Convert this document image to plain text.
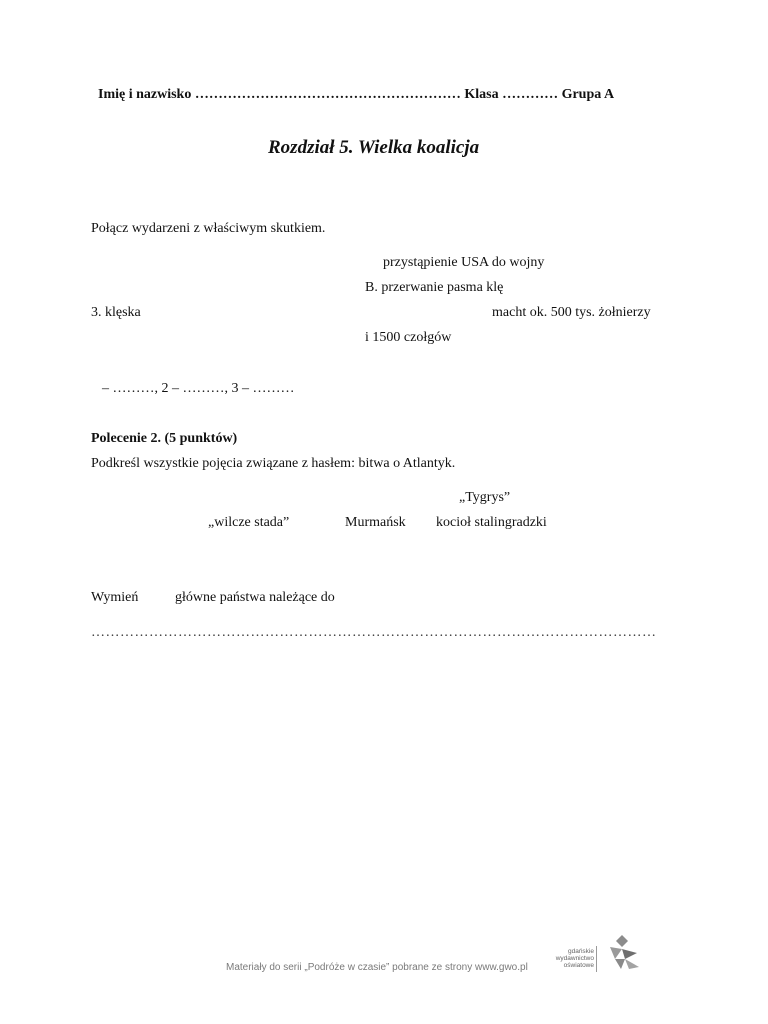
Imię i nazwisko ………………………………………………… Klasa ………… Grupa A
Rozdział 5. Wielka koalicja
Połącz wydarzeni z właściwym skutkiem.
przystąpienie USA do wojny
B. przerwanie pasma klę
3. klęska	macht ok. 500 tys. żołnierzy
i 1500 czołgów
– ………, 2 – ………, 3 – ………
Polecenie 2. (5 punktów)
Podkreśl wszystkie pojęcia związane z hasłem: bitwa o Atlantyk.
„Tygrys”
„wilcze stada”	Murmańsk kocioł stalingradzki
Wymień	główne państwa należące do
………………………………………………………………………………………………………
Materiały do serii „Podróże w czasie” pobrane ze strony www.gwo.pl
gdańskie
wydawnictwo
oświatowe
